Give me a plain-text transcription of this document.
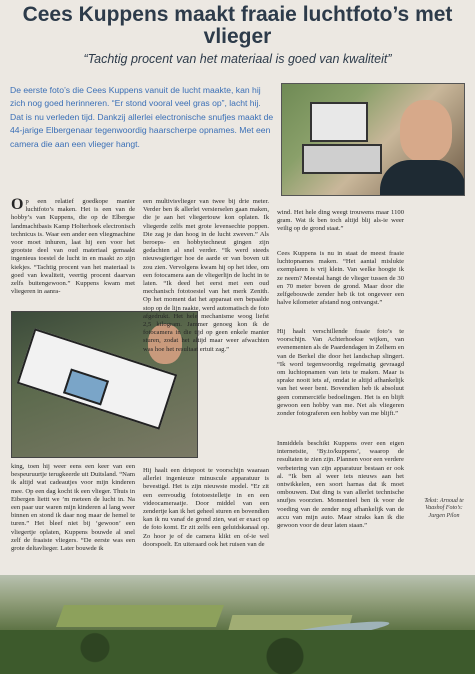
Cees Kuppens maakt fraaie luchtfoto’s met vlieger
“Tachtig procent van het materiaal is goed van kwaliteit”
De eerste foto’s die Cees Kuppens vanuit de lucht maakte, kan hij zich nog goed herinneren. “Er stond vooral veel gras op”, lacht hij. Dat is nu verleden tijd. Dankzij allerlei electronische snufjes maakt de 44-jarige Elbergenaar tegenwoordig haarscherpe opnames. Met een camera die aan een vlieger hangt.

Op een relatief goedkope manier luchtfoto’s maken. Het is een van de hobby’s van Kuppens, die op de Elbergse landmachtbasis Kamp Holterhoek electronisch technicus is. Waar een ander een vliegmachine voor moet inhuren, laat hij een voor het grootste deel van oud materiaal gemaakt ingenieus toestel de lucht in en maakt zo zijn kiekjes. “Tachtig procent van het materiaal is goed van kwaliteit, veertig procent daarvan zelfs buitengewoon.” Kuppens kwam met vliegeren in aanra-

king, toen hij weer eens een keer van een bespeuruurtje terugkeerde uit Duitsland. “Nam ik altijd wat cadeautjes voor mijn kinderen mee. Op een dag kocht ik een vlieger. Thuis in Eibergen liettt we ’m meteen de lucht in. Na een paar uur waren mijn kinderen al lang weer binnen en stond ik daar nog maar de hemel te turen.” Het bleef niet bij ‘gewoon’ een vliegertje oplaten, Kuppens bouwde al snel zelf de fraaiste vliegers. “De eerste was een grote deltavlieger. Later bouwde ik

een multivisvlieger van twee bij drie meter. Verder ben ik allerlei versierselen gaan maken, die je aan het vliegertouw kon oplaten. Ik vliegerde zelfs met grote levensechte poppen. Die zag je dan hoog in de lucht zweven.” Als beroeps- en hobbytechneut gingen zijn gedachten al snel verder. “Ik werd steeds nieuwsgieriger hoe de aarde er van boven uit zou zien. Vervolgens kwam hij op het idee, om een fotocamera aan de vliegerlijn de lucht in te laten. “Ik deed het eerst met een oud mechanisch fototoestel van het merk Zenith. Op het moment dat het apparaat een bepaalde stop op de lijn raakte, werd automatisch de foto afgedrukt. Het hele mechanisme woog liefst 2,5 kilogram. Jammer genoeg kon ik de fotocamera in die tijd op geen enkele manier sturen, zodat het altijd maar weer afwachten was hoe het resultaat ertuit zag.”

Hij haalt een driepoot te voorschijn waaraan allerlei ingenieuze minuscule apparatuur is bevestigd. Het is zijn nieuwste model. “Er zit een eenvoudig fototoestelletje in en een videocameraatje. Door middel van een zendertje kan ik het geheel sturen en bovendien kan ik nu vanaf de grond zien, wat er exact op de foto komt. Er zit zelfs een geluidskanaal op. Zo hoor je of de camera klikt en of-ie wel doorspoelt. En uiteraard ook het ruisen van de

wind. Het hele ding weegt trouwens maar 1100 gram. Wat ik ben toch altijd blij als-ie weer veilig op de grond staat.”

Cees Kuppens is nu in staat de meest fraaie luchtopnames maken. “Het aantal mislukte exemplaren is vrij klein. Van welke hoogte ik ze neem? Meestal hangt de vlieger tussen de 30 en 70 meter boven de grond. Maar door die zelfgebouwde zender heb ik tot ongeveer een halve kilometer afstand nog ontvangst.”

Hij haalt verschillende fraaie foto’s te voorschijn. Van Achterhoekse wijken, van evenementen als de Paardendagen in Zelhem en van de Berkel die door het landschap slingert. “Ik word tegenwoordig regelmatig gevraagd om luchtopnamen van iets te maken. Maar is sprake nooit iets af, omdat ie altijd afhankelijk van het weer bent. Bovendien heb ik absoluut geen commerciële bedoelingen. Het is en blijft gewoon een hobby van me. Net als vliegeren zonder fotograferen een hobby van me blijft.”

Inmiddels beschikt Kuppens over een eigen internetsite, ‘By.to/kuppens’, waarop de resultaten te zien zijn. Plannen voor een verdere verbetering van zijn apparatuur bestaan er ook al. “Ik ben al weer iets nieuws aan het ontwikkelen, een soort harnas dat ik moet ombouwen. Dat ding is van allerlei technische snufjes voorzien. Momenteel ben ik voor de voeding van de zender nog afhankelijk van de accu van mijn auto. Maar straks kan ik die gewoon voor de deur laten staan.”

Tekst: Arnoud te Vaashof Foto’s: Jurgen Pilon
